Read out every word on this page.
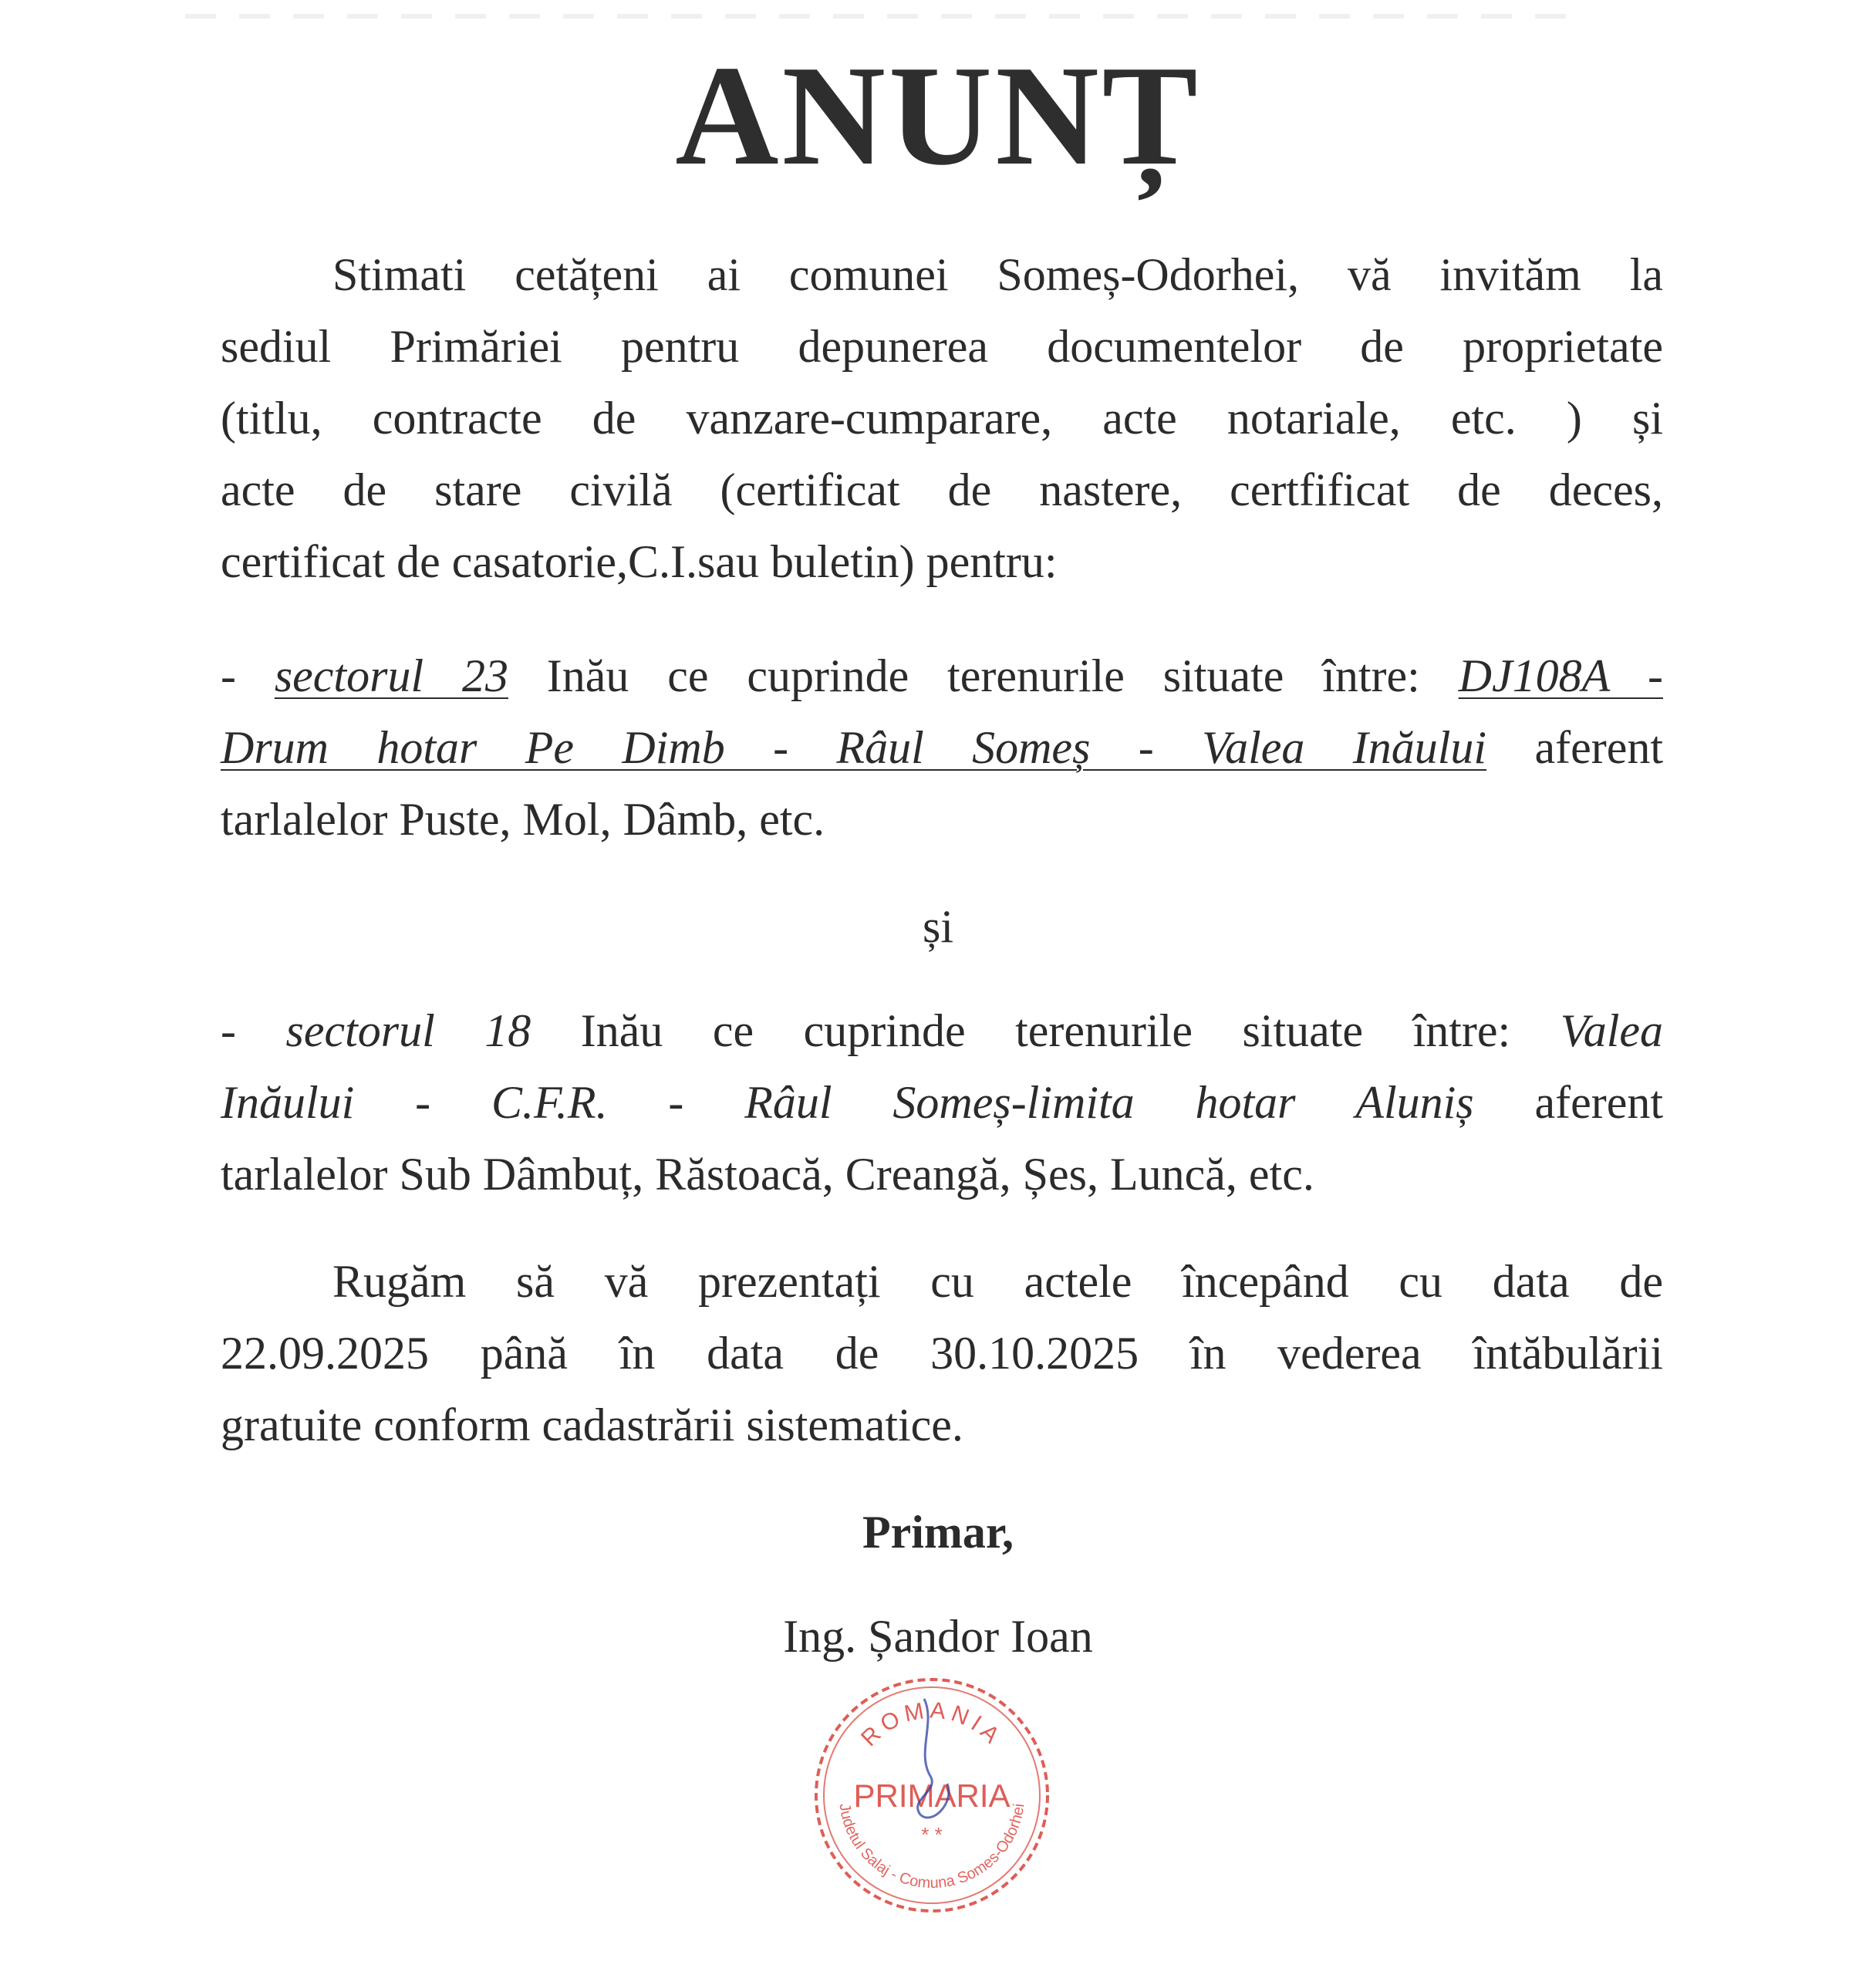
ANUNȚ
Stimati cetățeni ai comunei Someș-Odorhei, vă invităm la
sediul Primăriei pentru depunerea documentelor de proprietate
(titlu, contracte de vanzare-cumparare, acte notariale, etc. ) și
acte de stare civilă (certificat de nastere, certfificat de deces,
certificat de casatorie,C.I.sau buletin) pentru:
- sectorul 23 Inău ce cuprinde terenurile situate între: DJ108A -
Drum hotar Pe Dimb - Râul Someș - Valea Inăului aferent
tarlalelor Puste, Mol, Dâmb, etc.
și
- sectorul 18 Inău ce cuprinde terenurile situate între: Valea
Inăului - C.F.R. - Râul Someș-limita hotar Aluniș aferent
tarlalelor Sub Dâmbuț, Răstoacă, Creangă, Șes, Luncă, etc.
Rugăm să vă prezentați cu actele începând cu data de
22.09.2025 până în data de 30.10.2025 în vederea întăbulării
gratuite conform cadastrării sistematice.
Primar,
Ing. Șandor Ioan
ROMANIA
PRIMARIA
* *
Judetul Salaj - Comuna Somes-Odorhei
